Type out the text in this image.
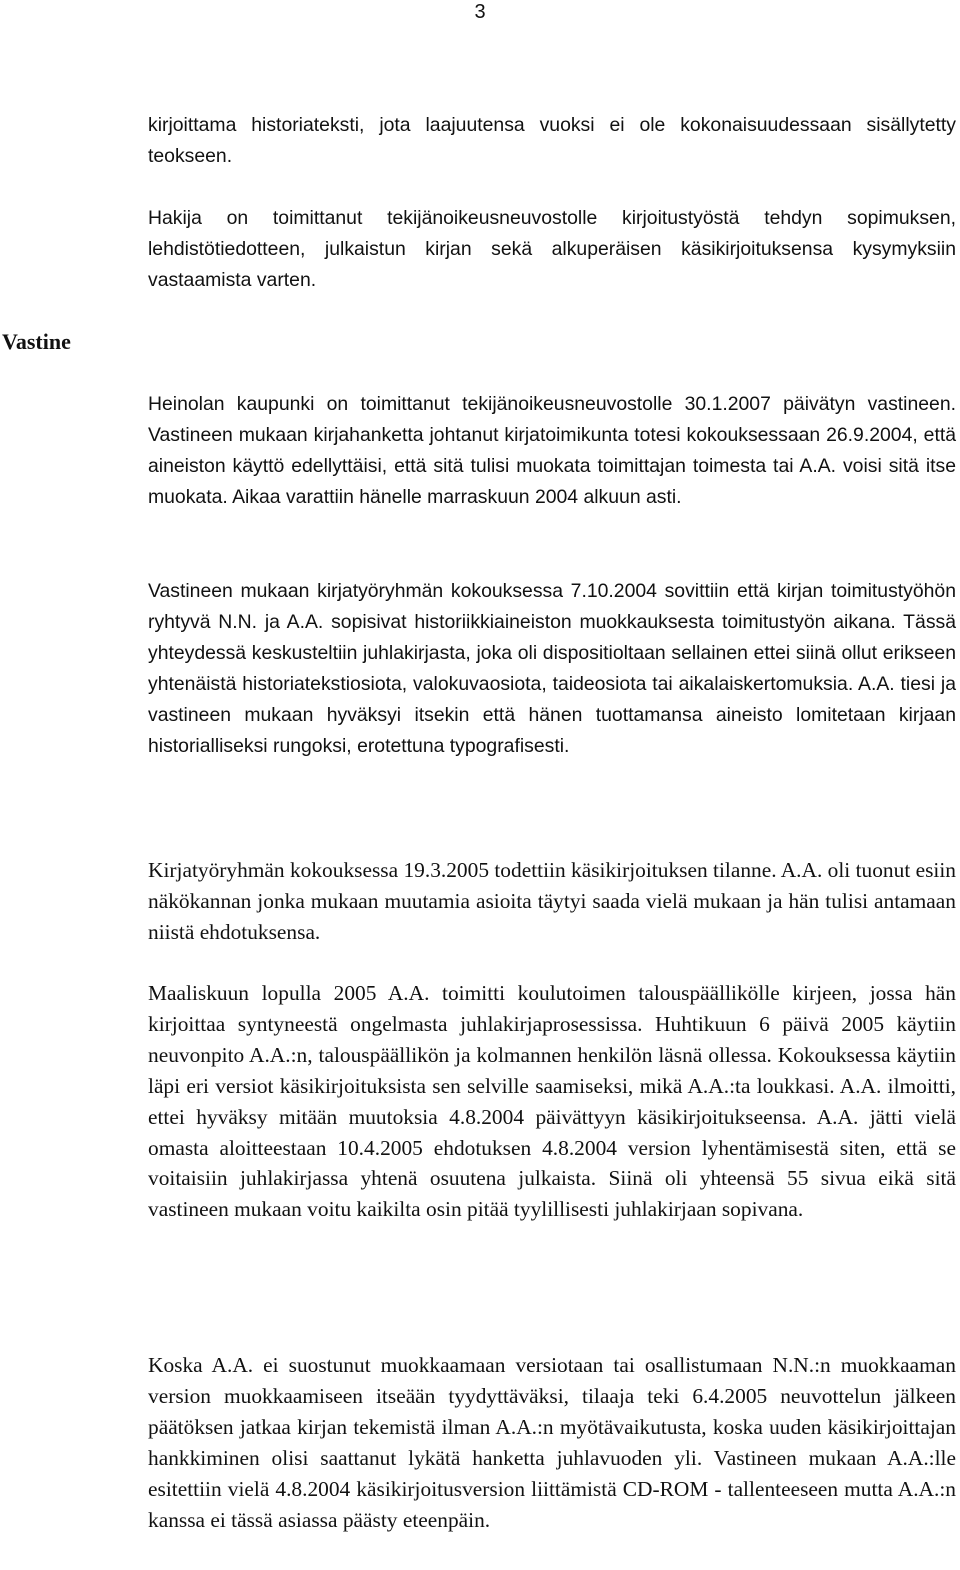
3
Vastine

kirjoittama historiateksti, jota laajuutensa vuoksi ei ole kokonaisuudessaan sisällytetty teokseen.

Hakija on toimittanut tekijänoikeusneuvostolle kirjoitustyöstä tehdyn sopimuksen, lehdistötiedotteen, julkaistun kirjan sekä alkuperäisen käsikirjoituksensa kysymyksiin vastaamista varten.

Heinolan kaupunki on toimittanut tekijänoikeusneuvostolle 30.1.2007 päivätyn vastineen. Vastineen mukaan kirjahanketta johtanut kirjatoimikunta totesi kokouksessaan 26.9.2004, että aineiston käyttö edellyttäisi, että sitä tulisi muokata toimittajan toimesta tai A.A. voisi sitä itse muokata. Aikaa varattiin hänelle marraskuun 2004 alkuun asti.

Vastineen mukaan kirjatyöryhmän kokouksessa 7.10.2004 sovittiin että kirjan toimitustyöhön ryhtyvä N.N. ja A.A. sopisivat historiikkiaineiston muokkauksesta toimitustyön aikana. Tässä yhteydessä keskusteltiin juhlakirjasta, joka oli dispositioltaan sellainen ettei siinä ollut erikseen yhtenäistä historiatekstiosiota, valokuvaosiota, taideosiota tai aikalaiskertomuksia. A.A. tiesi ja vastineen mukaan hyväksyi itsekin että hänen tuottamansa aineisto lomitetaan kirjaan historialliseksi rungoksi, erotettuna typografisesti.

Kirjatyöryhmän kokouksessa 19.3.2005 todettiin käsikirjoituksen tilanne. A.A. oli tuonut esiin näkökannan jonka mukaan muutamia asioita täytyi saada vielä mukaan ja hän tulisi antamaan niistä ehdotuksensa.

Maaliskuun lopulla 2005 A.A. toimitti koulutoimen talouspäällikölle kirjeen, jossa hän kirjoittaa syntyneestä ongelmasta juhlakirjaprosessissa. Huhtikuun 6 päivä 2005 käytiin neuvonpito A.A.:n, talouspäällikön ja kolmannen henkilön läsnä ollessa. Kokouksessa käytiin läpi eri versiot käsikirjoituksista sen selville saamiseksi, mikä A.A.:ta loukkasi. A.A. ilmoitti, ettei hyväksy mitään muutoksia 4.8.2004 päivättyyn käsikirjoitukseensa. A.A. jätti vielä omasta aloitteestaan 10.4.2005 ehdotuksen 4.8.2004 version lyhentämisestä siten, että se voitaisiin juhlakirjassa yhtenä osuutena julkaista. Siinä oli yhteensä 55 sivua eikä sitä vastineen mukaan voitu kaikilta osin pitää tyylillisesti juhlakirjaan sopivana.

Koska A.A. ei suostunut muokkaamaan versiotaan tai osallistumaan N.N.:n muokkaaman version muokkaamiseen itseään tyydyttäväksi, tilaaja teki 6.4.2005 neuvottelun jälkeen päätöksen jatkaa kirjan tekemistä ilman A.A.:n myötävaikutusta, koska uuden käsikirjoittajan hankkiminen olisi saattanut lykätä hanketta juhlavuoden yli. Vastineen mukaan A.A.:lle esitettiin vielä 4.8.2004 käsikirjoitusversion liittämistä CD-ROM - tallenteeseen mutta A.A.:n kanssa ei tässä asiassa päästy eteenpäin.
